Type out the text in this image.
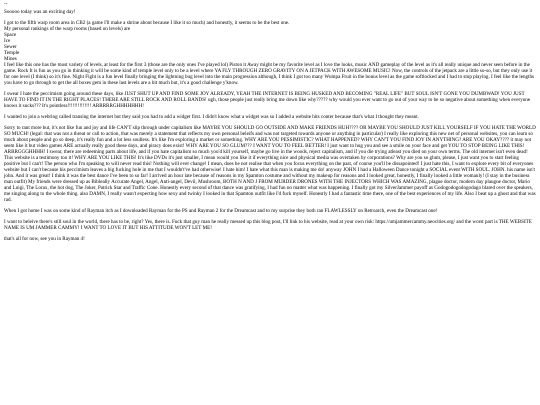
--

Sooooo today was an exciting day!

I got to the fifth warp room area in CB2 (a game I'll make a shrine about because I like it so much) and honestly, it seems to be the best one.
My personal rankings of the warp rooms (based on levels) are
Space
Ice
Sewer
Temple
Mines
I feel like this one has the most variety of levels, at least for the first 3 (those are the only ones I've played lol) Piston it Away might be my favorite level as I love the looks, music AND gameplay of the level as it's all really unique and never seen before in the game. Rock It is fun as you go in thinking it will be some kind of temple level only to be a level where YA FLY THROUGH ZERO GRAVITY ON A JETPACK WITH AWESOME MUSIC! Now, the controls of the jetpack are a little so-so, but they only use it for one level (I think) so it's fine. Night Fight is a fun level finally bringing the lightning bug level into the main progression although, I think I got too many Wumpa Fruit in the bonus level as the game softlocked and I had to stop playing. I feel like the lengths you have to go through to get the all boxes gem in these last levels are a bit much but, it's a good challenge y'know.

I swear I hate the peccimism going around these days, like JUST SHUT UP AND FIND SOME JOY ALREADY, YEAH THE INTERNET IS BEING HUSKED AND BECOMING "REAL LIFE" BUT SOUL ISN'T GONE YOU DUMBWAD! YOU JUST HAVE TO FIND IT IN THE RIGHT PLACES! THERE ARE STILL ROCK AND ROLL BANDS! ugh, those people just really bring me down like why????? why would you ever want to go out of your way to be so negative about something when everyone knows it sucks??? It's pointless!!!!!!!!!!!!!! ARRRRRGHHHHHHH!

I wanted to join a webring called transing the internet but they said you had to add a widget first. I didn't know what a widget was so I added a website hits conter because that's what I thought they meant.

Sorry to rant more but, it's not like fun and joy and life CAN'T slip through under capitalism like MAYBE YOU SHOULD GO OUTSIDE AND MAKE FRIENDS HUH???? OR MAYBE YOU SHOULD JUST KILL YOURSELF IF YOU HATE THE WORLD SO MUCH! (legal: that was not a threat or call to action, that was merely a statement that reflects my own personal beleifs and was not targeted towards anyone or anything in particular) I really like exploring this new net of personal websites, you can learn so much about people and go so deep, it's really fun and a lot less soulless. It's like I'm exploring a market or something. WHY ARE YOU PESSIMISTIC? WHAT HAPPENED? WHY CAN'T YOU FIND JOY IN ANYTHING? ARE YOU OKAY???? it may not seem like it but video games ARE actually really good these days, and piracy does exist! WHY ARE YOU SO GLUM??? I WANT YOU TO FEEL BETTER! I just want to hug you and see a smile on your face and get YOU TO STOP BEING LIKE THIS! ARRRGGGHHHH! I swear, there are redeeming parts about life, and if you hate capitalism so much you'd kill yourself, maybe go live in the woods, reject capitalism, and if you die trying atleast you died on your own terms. The old internet isn't even dead! This website is a testimony too it! WHY ARE YOU LIKE THIS! It's like DVDs it's just smaller, I mean would you like it if everything nice and physical media was overtaken by corporations? Why are you so glum, please, I just want you to start feeling positive but I can't! The person who I'm speaking to will never read this! Nothing will ever change! I mean, does he not realise that when you focus everything on the past, of course you'll be dissapointed! I just hate this, I want to explore every bit of everyones website but I can't because his peccimism leaves a big fucking hole in me that I wouldn't've had otherwise! I hate him! I hate what this man is making me do! anyway JOHN I had a Halloween Dance tonight a SOCIAL event WITH SOUL. JOHN. his name isn't john. And it was great! I think it was the best dance I've been to so far! I arrived an hour late because of reasons in my Spamton costume and without my makeup for reasons and I looked great, honestly, I finally looked a little womanly! (I stay in the business man outfit) My friends were dressed up as Bibleally Accurate Angel, Angel, Anti-angel, Devil, Mushroom, BOTH N AND J FROM MURDER DRONES WITH THE INJECTORS WHICH WAS AMAZING, plague doctor, modern day plaugue doctor, Mario and Luigi, The Lorax, the hot dog, The Joker, Patrick Star and Traffic Cone. Honestly every second of that dance was gratifying, I had fun no matter what was happening. I finally got my SilverJammer payoff as Godogodogodogodago blared over the speakers, me singing along to the whole thing. also DAMN, I really wasn't expecting how sexy and twinky I looked in that Spamton outfit like I'd fuck myself. Honestly I had a fantastic time there, one of the best experiences of my life. Also I beat up a ghost and that was rad.

When I got home I was on some kind of Rayman itch as I downloaded Rayman for the PS and Rayman 2 for the Dreamcast and to my surprise they both ran FLAWLESSLY on Retroarch, even the Dreamcast one!

I want to beleive there's still soul in the world, there has to be, right? Yes, there is. Fuck that guy man he really messed up this blog post, I'll link to his website, read at your own risk: https://umjammercammy.neocities.org/ and the worst part is THE WEBSITE NAME IS UM JAMMER CAMMY! I WANT TO LOVE IT BUT HIS ATTITUDE WON'T LET ME!

that's all for now, see you in Rayman 4!
